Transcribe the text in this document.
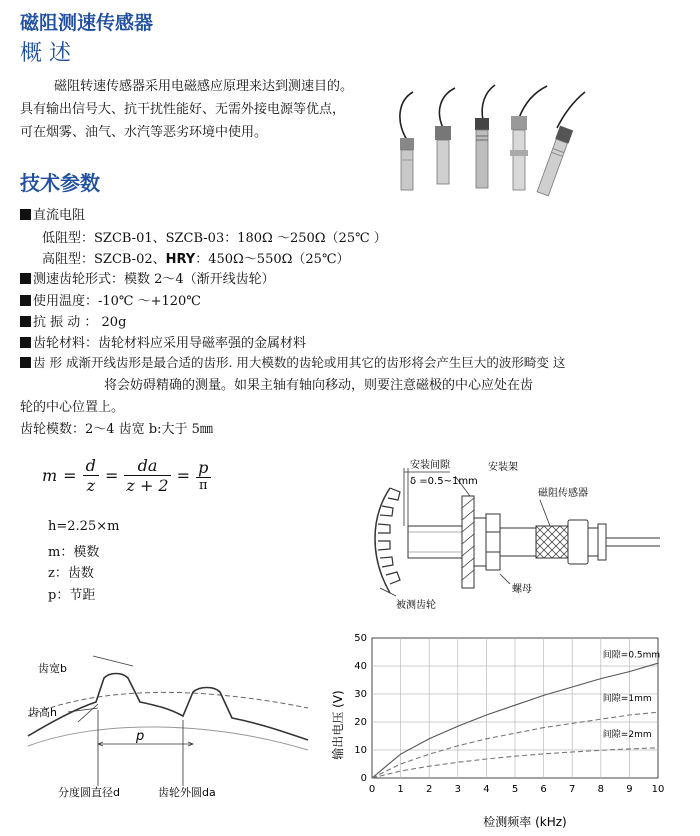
磁阻测速传感器
概 述
磁阻转速传感器采用电磁感应原理来达到测速目的。
具有输出信号大、抗干扰性能好、无需外接电源等优点，
可在烟雾、油气、水汽等恶劣环境中使用。
技术参数
直流电阻
低阻型：SZCB-01、SZCB-03：180Ω ～250Ω（25℃ ）
高阻型：SZCB-02、HRY：450Ω～550Ω（25℃）
测速齿轮形式：模数 2～4（渐开线齿轮）
使用温度：-10℃ ～+120℃
抗 振 动 ： 20g
齿轮材料：齿轮材料应采用导磁率强的金属材料
齿 形 成渐开线齿形是最合适的齿形. 用大模数的齿轮或用其它的齿形将会产生巨大的波形畸变 这
将会妨碍精确的测量。如果主轴有轴向移动，则要注意磁极的中心应处在齿
轮的中心位置上。
齿轮模数：2～4 齿宽 b:大于 5㎜
$m = \frac{d}{z} = \frac{da}{z + 2} = p$
π
h=2.25×m
m：模数
z：齿数
p：节距
安装间隙
δ =0.5~1mm
安装架
磁阻传感器
螺母
被测齿轮
齿宽b
齿高h
p
分度圆直径d	齿轮外圆da	0 1 2 3 4 5 6 7 8 9 10
0
10
20
30
40
50
间隙=0.5mm
间隙=1mm
间隙=2mm
检测频率 (kHz)
输出电压 (V)
